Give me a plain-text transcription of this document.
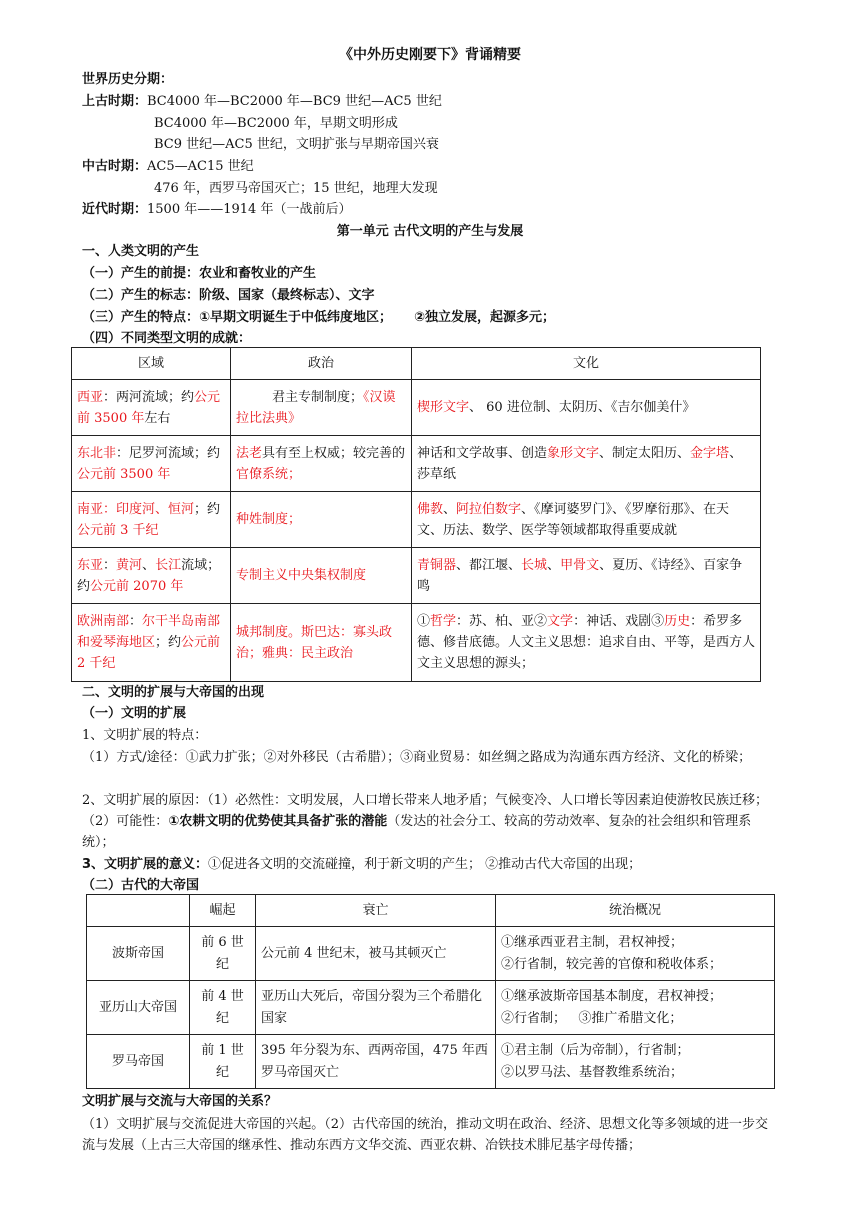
《中外历史刚要下》背诵精要
世界历史分期：
上古时期：BC4000 年—BC2000 年—BC9 世纪—AC5 世纪
BC4000 年—BC2000 年，早期文明形成
BC9 世纪—AC5 世纪，文明扩张与早期帝国兴衰
中古时期：AC5—AC15 世纪
476 年，西罗马帝国灭亡；15 世纪，地理大发现
近代时期：1500 年——1914 年（一战前后）
第一单元 古代文明的产生与发展
一、人类文明的产生
（一）产生的前提：农业和畜牧业的产生
（二）产生的标志：阶级、国家（最终标志）、文字
（三）产生的特点：①早期文明诞生于中低纬度地区； ②独立发展，起源多元；
（四）不同类型文明的成就：
区域	政治	文化
西亚：两河流域；约公元前 3500 年左右	君主专制制度；《汉谟拉比法典》	楔形文字、 60 进位制、太阴历、《吉尔伽美什》
东北非：尼罗河流域；约公元前 3500 年	法老具有至上权威；较完善的官僚系统；	神话和文学故事、创造象形文字、制定太阳历、金字塔、莎草纸
南亚：印度河、恒河；约公元前 3 千纪	种姓制度；	佛教、阿拉伯数字、《摩诃婆罗门》、《罗摩衍那》、在天文、历法、数学、医学等领域都取得重要成就
东亚：黄河、长江流域；约公元前 2070 年	专制主义中央集权制度	青铜器、都江堰、长城、甲骨文、夏历、《诗经》、百家争鸣
欧洲南部：尔干半岛南部和爱琴海地区；约公元前 2 千纪	城邦制度。斯巴达：寡头政治；雅典：民主政治	①哲学：苏、柏、亚②文学：神话、戏剧③历史：希罗多德、修昔底德。人文主义思想：追求自由、平等，是西方人文主义思想的源头；
二、文明的扩展与大帝国的出现
（一）文明的扩展
1、文明扩展的特点：
（1）方式/途径：①武力扩张；②对外移民（古希腊）；③商业贸易：如丝绸之路成为沟通东西方经济、文化的桥梁；
2、文明扩展的原因：（1）必然性：文明发展，人口增长带来人地矛盾；气候变冷、人口增长等因素迫使游牧民族迁移；（2）可能性：①农耕文明的优势使其具备扩张的潜能（发达的社会分工、较高的劳动效率、复杂的社会组织和管理系统）；
3、文明扩展的意义：①促进各文明的交流碰撞，利于新文明的产生； ②推动古代大帝国的出现；
（二）古代的大帝国
	崛起	衰亡	统治概况
波斯帝国	前 6 世纪	公元前 4 世纪末，被马其顿灭亡	①继承西亚君主制，君权神授；
②行省制，较完善的官僚和税收体系；

亚历山大帝国	前 4 世纪	亚历山大死后，帝国分裂为三个希腊化国家	①继承波斯帝国基本制度，君权神授；
②行省制；   ③推广希腊文化；

罗马帝国	前 1 世纪	395 年分裂为东、西两帝国，475 年西罗马帝国灭亡	①君主制（后为帝制），行省制；
②以罗马法、基督教维系统治；
文明扩展与交流与大帝国的关系？
（1）文明扩展与交流促进大帝国的兴起。（2）古代帝国的统治，推动文明在政治、经济、思想文化等多领域的进一步交流与发展（上古三大帝国的继承性、推动东西方文华交流、西亚农耕、冶铁技术腓尼基字母传播；
